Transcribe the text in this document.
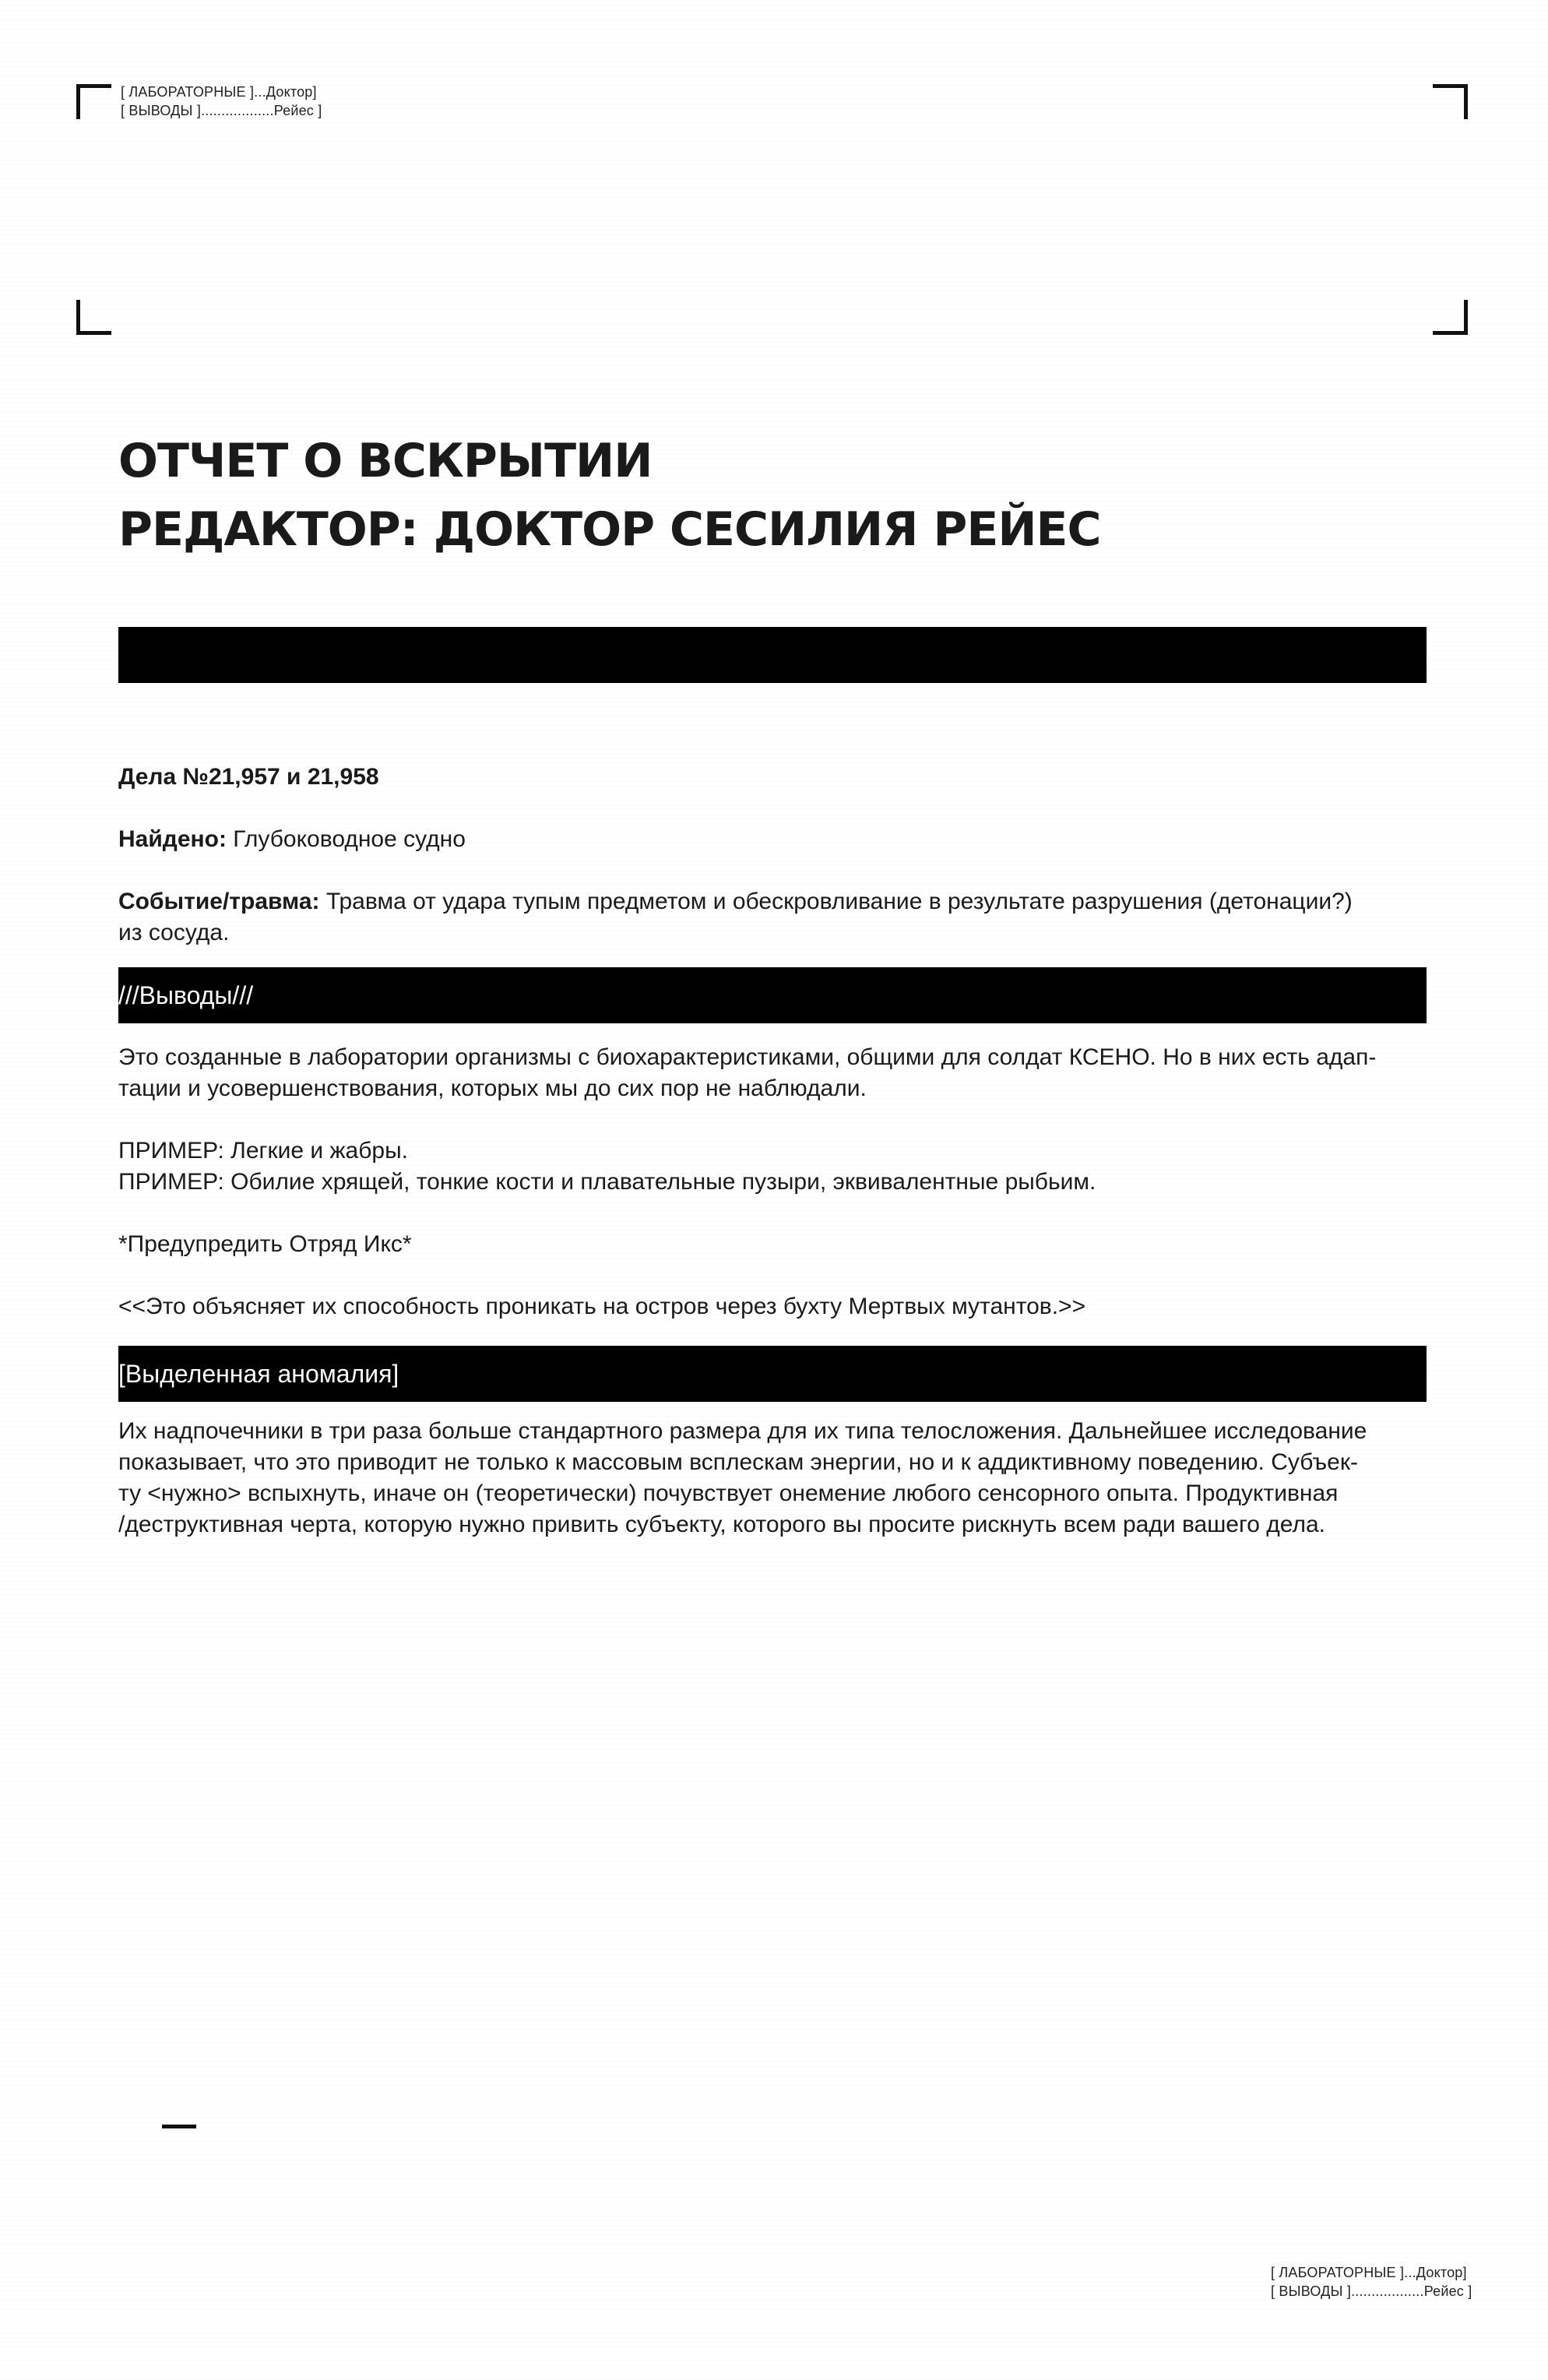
[ ЛАБОРАТОРНЫЕ ]...Доктор]
[ ВЫВОДЫ ]..................Рейес ]
ОТЧЕТ О ВСКРЫТИИ
РЕДАКТОР: ДОКТОР СЕСИЛИЯ РЕЙЕС
Дела №21,957 и 21,958
Найдено: Глубоководное судно
Событие/травма: Травма от удара тупым предметом и обескровливание в результате разрушения (детонации?)
из сосуда.
///Выводы///
Это созданные в лаборатории организмы с биохарактеристиками, общими для солдат КСЕНО. Но в них есть адап-
тации и усовершенствования, которых мы до сих пор не наблюдали.
ПРИМЕР: Легкие и жабры.
ПРИМЕР: Обилие хрящей, тонкие кости и плавательные пузыри, эквивалентные рыбьим.
*Предупредить Отряд Икс*
<<Это объясняет их способность проникать на остров через бухту Мертвых мутантов.>>
[Выделенная аномалия]
Их надпочечники в три раза больше стандартного размера для их типа телосложения. Дальнейшее исследование
показывает, что это приводит не только к массовым всплескам энергии, но и к аддиктивному поведению. Субъек-
ту <нужно> вспыхнуть, иначе он (теоретически) почувствует онемение любого сенсорного опыта. Продуктивная
/деструктивная черта, которую нужно привить субъекту, которого вы просите рискнуть всем ради вашего дела.
[ ЛАБОРАТОРНЫЕ ]...Доктор]
[ ВЫВОДЫ ]..................Рейес ]
